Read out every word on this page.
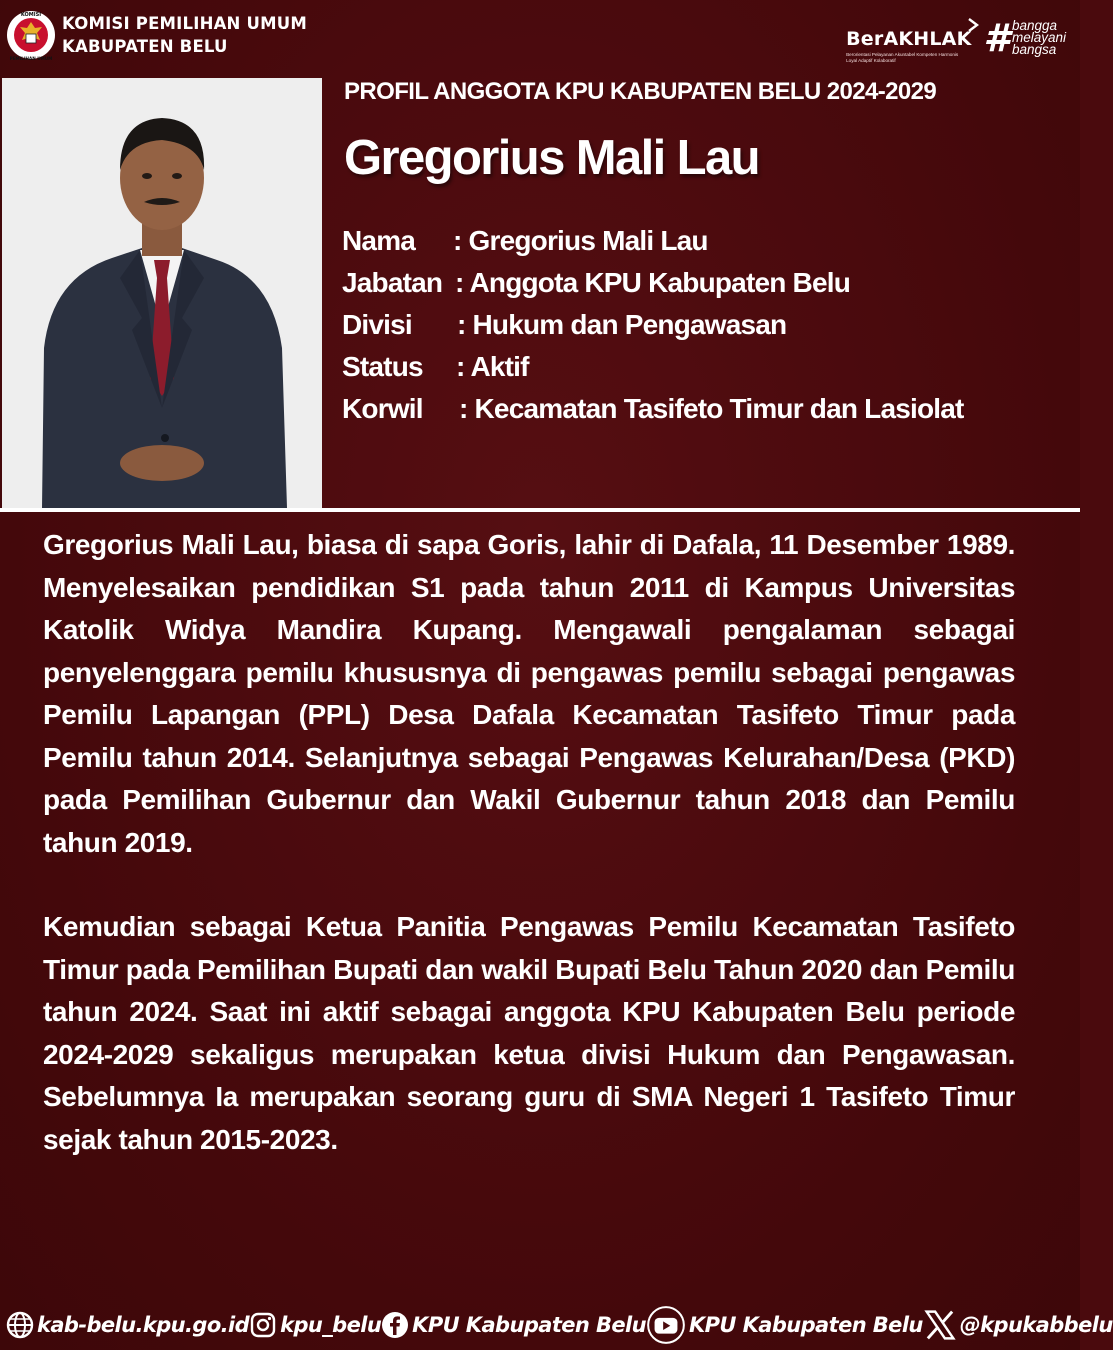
KOMISI
PEMILIHAN UMUM
KOMISI PEMILIHAN UMUM
KABUPATEN BELU	BerAKHLAK
Berorientasi Pelayanan Akuntabel Kompeten Harmonis Loyal Adaptif Kolaboratif
# bangga
melayani
bangsa
PROFIL ANGGOTA KPU KABUPATEN BELU 2024-2029
Gregorius Mali Lau
Nama	: Gregorius Mali Lau
Jabatan : Anggota KPU Kabupaten Belu
Divisi	: Hukum dan Pengawasan
Status	: Aktif
Korwil	: Kecamatan Tasifeto Timur dan Lasiolat

Gregorius Mali Lau, biasa di sapa Goris, lahir di Dafala, 11 Desember 1989. Menyelesaikan pendidikan S1 pada tahun 2011 di Kampus Universitas Katolik Widya Mandira Kupang. Mengawali pengalaman sebagai penyelenggara pemilu khususnya di pengawas pemilu sebagai pengawas Pemilu Lapangan (PPL) Desa Dafala Kecamatan Tasifeto Timur pada Pemilu tahun 2014. Selanjutnya sebagai Pengawas Kelurahan/Desa (PKD) pada Pemilihan Gubernur dan Wakil Gubernur tahun 2018 dan Pemilu tahun 2019.

Kemudian sebagai Ketua Panitia Pengawas Pemilu Kecamatan Tasifeto Timur pada Pemilihan Bupati dan wakil Bupati Belu Tahun 2020 dan Pemilu tahun 2024. Saat ini aktif sebagai anggota KPU Kabupaten Belu periode 2024-2029 sekaligus merupakan ketua divisi Hukum dan Pengawasan. Sebelumnya Ia merupakan seorang guru di SMA Negeri 1 Tasifeto Timur sejak tahun 2015-2023.

kab-belu.kpu.go.id kpu_belu KPU Kabupaten Belu KPU Kabupaten Belu @kpukabbelu
